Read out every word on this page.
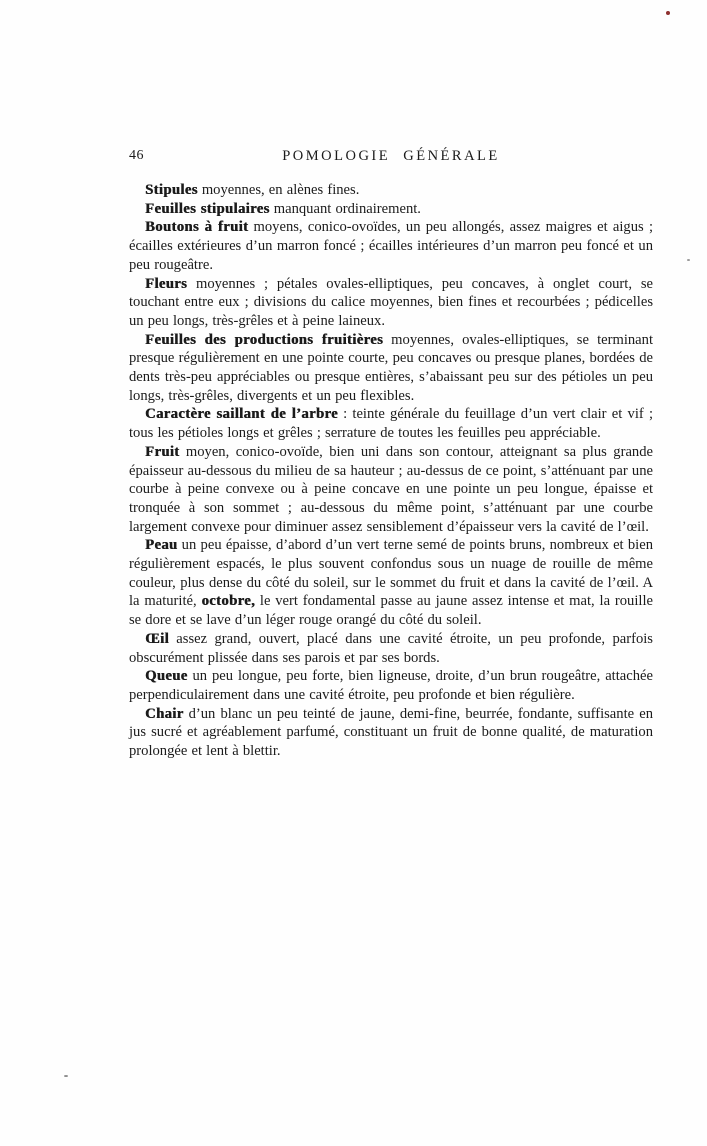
46	POMOLOGIE GÉNÉRALE

Stipules moyennes, en alènes fines.

Feuilles stipulaires manquant ordinairement.

Boutons à fruit moyens, conico-ovoïdes, un peu allongés, assez maigres et aigus ; écailles extérieures d’un marron foncé ; écailles intérieures d’un marron peu foncé et un peu rougeâtre.

Fleurs moyennes ; pétales ovales-elliptiques, peu concaves, à onglet court, se touchant entre eux ; divisions du calice moyennes, bien fines et recourbées ; pédicelles un peu longs, très-grêles et à peine laineux.

Feuilles des productions fruitières moyennes, ovales-elliptiques, se terminant presque régulièrement en une pointe courte, peu concaves ou presque planes, bordées de dents très-peu appréciables ou presque entières, s’abaissant peu sur des pétioles un peu longs, très-grêles, divergents et un peu flexibles.

Caractère saillant de l’arbre : teinte générale du feuillage d’un vert clair et vif ; tous les pétioles longs et grêles ; serrature de toutes les feuilles peu appréciable.

Fruit moyen, conico-ovoïde, bien uni dans son contour, atteignant sa plus grande épaisseur au-dessous du milieu de sa hauteur ; au-dessus de ce point, s’atténuant par une courbe à peine convexe ou à peine concave en une pointe un peu longue, épaisse et tronquée à son sommet ; au-dessous du même point, s’atténuant par une courbe largement convexe pour diminuer assez sensiblement d’épaisseur vers la cavité de l’œil.

Peau un peu épaisse, d’abord d’un vert terne semé de points bruns, nombreux et bien régulièrement espacés, le plus souvent confondus sous un nuage de rouille de même couleur, plus dense du côté du soleil, sur le sommet du fruit et dans la cavité de l’œil. A la maturité, octobre, le vert fondamental passe au jaune assez intense et mat, la rouille se dore et se lave d’un léger rouge orangé du côté du soleil.

Œil assez grand, ouvert, placé dans une cavité étroite, un peu profonde, parfois obscurément plissée dans ses parois et par ses bords.

Queue un peu longue, peu forte, bien ligneuse, droite, d’un brun rougeâtre, attachée perpendiculairement dans une cavité étroite, peu profonde et bien régulière.

Chair d’un blanc un peu teinté de jaune, demi-fine, beurrée, fondante, suffisante en jus sucré et agréablement parfumé, constituant un fruit de bonne qualité, de maturation prolongée et lent à blettir.
